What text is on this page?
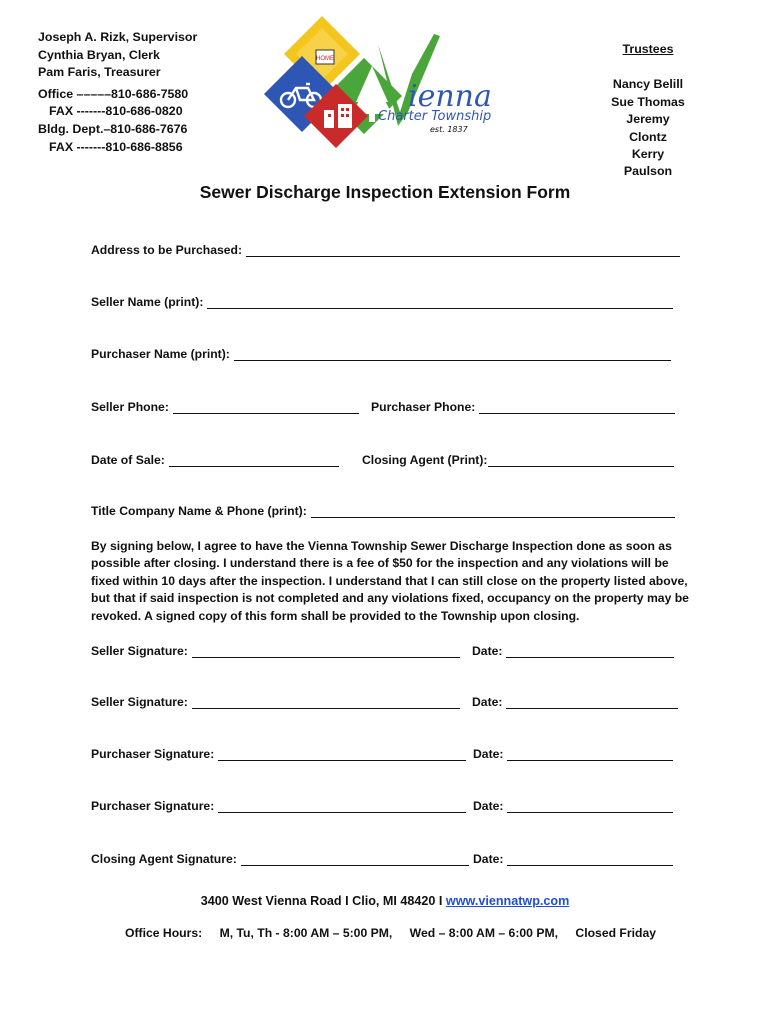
Joseph A. Rizk, Supervisor
Cynthia Bryan, Clerk
Pam Faris, Treasurer
Office –––––810-686-7580
FAX -------810-686-0820
Bldg. Dept.–810-686-7676
FAX -------810-686-8856
HOME
ienna
Charter Township
est. 1837
Trustees
Nancy Belill
Sue Thomas
Jeremy Clontz
Kerry Paulson
Sewer Discharge Inspection Extension Form
Address to be Purchased:
Seller Name (print):
Purchaser Name (print):
Seller Phone:	Purchaser Phone:
Date of Sale:	Closing Agent (Print):
Title Company Name & Phone (print):
By signing below, I agree to have the Vienna Township Sewer Discharge Inspection done as soon as possible after closing. I understand there is a fee of $50 for the inspection and any violations will be fixed within 10 days after the inspection. I understand that I can still close on the property listed above, but that if said inspection is not completed and any violations fixed, occupancy on the property may be revoked. A signed copy of this form shall be provided to the Township upon closing.
Seller Signature:	Date:
Seller Signature:	Date:
Purchaser Signature:	Date:
Purchaser Signature:	Date:
Closing Agent Signature:	Date:
3400 West Vienna Road I Clio, MI 48420 I www.viennatwp.com
Office Hours: M, Tu, Th - 8:00 AM – 5:00 PM, Wed – 8:00 AM – 6:00 PM, Closed Friday
